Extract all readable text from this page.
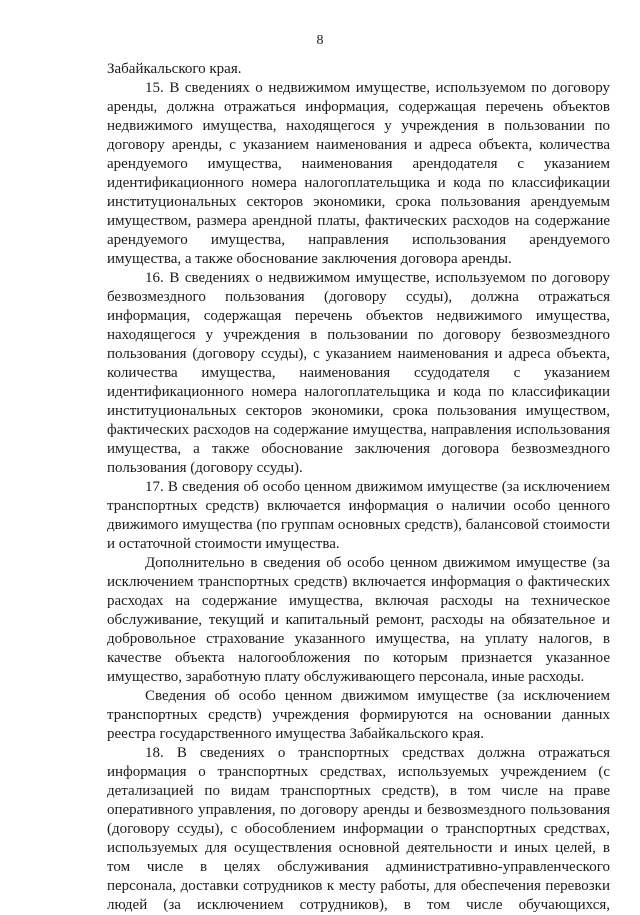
8

Забайкальского края.

15. В сведениях о недвижимом имуществе, используемом по договору аренды, должна отражаться информация, содержащая перечень объектов недвижимого имущества, находящегося у учреждения в пользовании по договору аренды, с указанием наименования и адреса объекта, количества арендуемого имущества, наименования арендодателя с указанием идентификационного номера налогоплательщика и кода по классификации институциональных секторов экономики, срока пользования арендуемым имуществом, размера арендной платы, фактических расходов на содержание арендуемого имущества, направления использования арендуемого имущества, а также обоснование заключения договора аренды.

16. В сведениях о недвижимом имуществе, используемом по договору безвозмездного пользования (договору ссуды), должна отражаться информация, содержащая перечень объектов недвижимого имущества, находящегося у учреждения в пользовании по договору безвозмездного пользования (договору ссуды), с указанием наименования и адреса объекта, количества имущества, наименования ссудодателя с указанием идентификационного номера налогоплательщика и кода по классификации институциональных секторов экономики, срока пользования имуществом, фактических расходов на содержание имущества, направления использования имущества, а также обоснование заключения договора безвозмездного пользования (договору ссуды).

17. В сведения об особо ценном движимом имуществе (за исключением транспортных средств) включается информация о наличии особо ценного движимого имущества (по группам основных средств), балансовой стоимости и остаточной стоимости имущества.

Дополнительно в сведения об особо ценном движимом имуществе (за исключением транспортных средств) включается информация о фактических расходах на содержание имущества, включая расходы на техническое обслуживание, текущий и капитальный ремонт, расходы на обязательное и добровольное страхование указанного имущества, на уплату налогов, в качестве объекта налогообложения по которым признается указанное имущество, заработную плату обслуживающего персонала, иные расходы.

Сведения об особо ценном движимом имуществе (за исключением транспортных средств) учреждения формируются на основании данных реестра государственного имущества Забайкальского края.

18. В сведениях о транспортных средствах должна отражаться информация о транспортных средствах, используемых учреждением (с детализацией по видам транспортных средств), в том числе на праве оперативного управления, по договору аренды и безвозмездного пользования (договору ссуды), с обособлением информации о транспортных средствах, используемых для осуществления основной деятельности и иных целей, в том числе в целях обслуживания административно-управленческого персонала, доставки сотрудников к месту работы, для обеспечения перевозки людей (за исключением сотрудников), в том числе обучающихся,
